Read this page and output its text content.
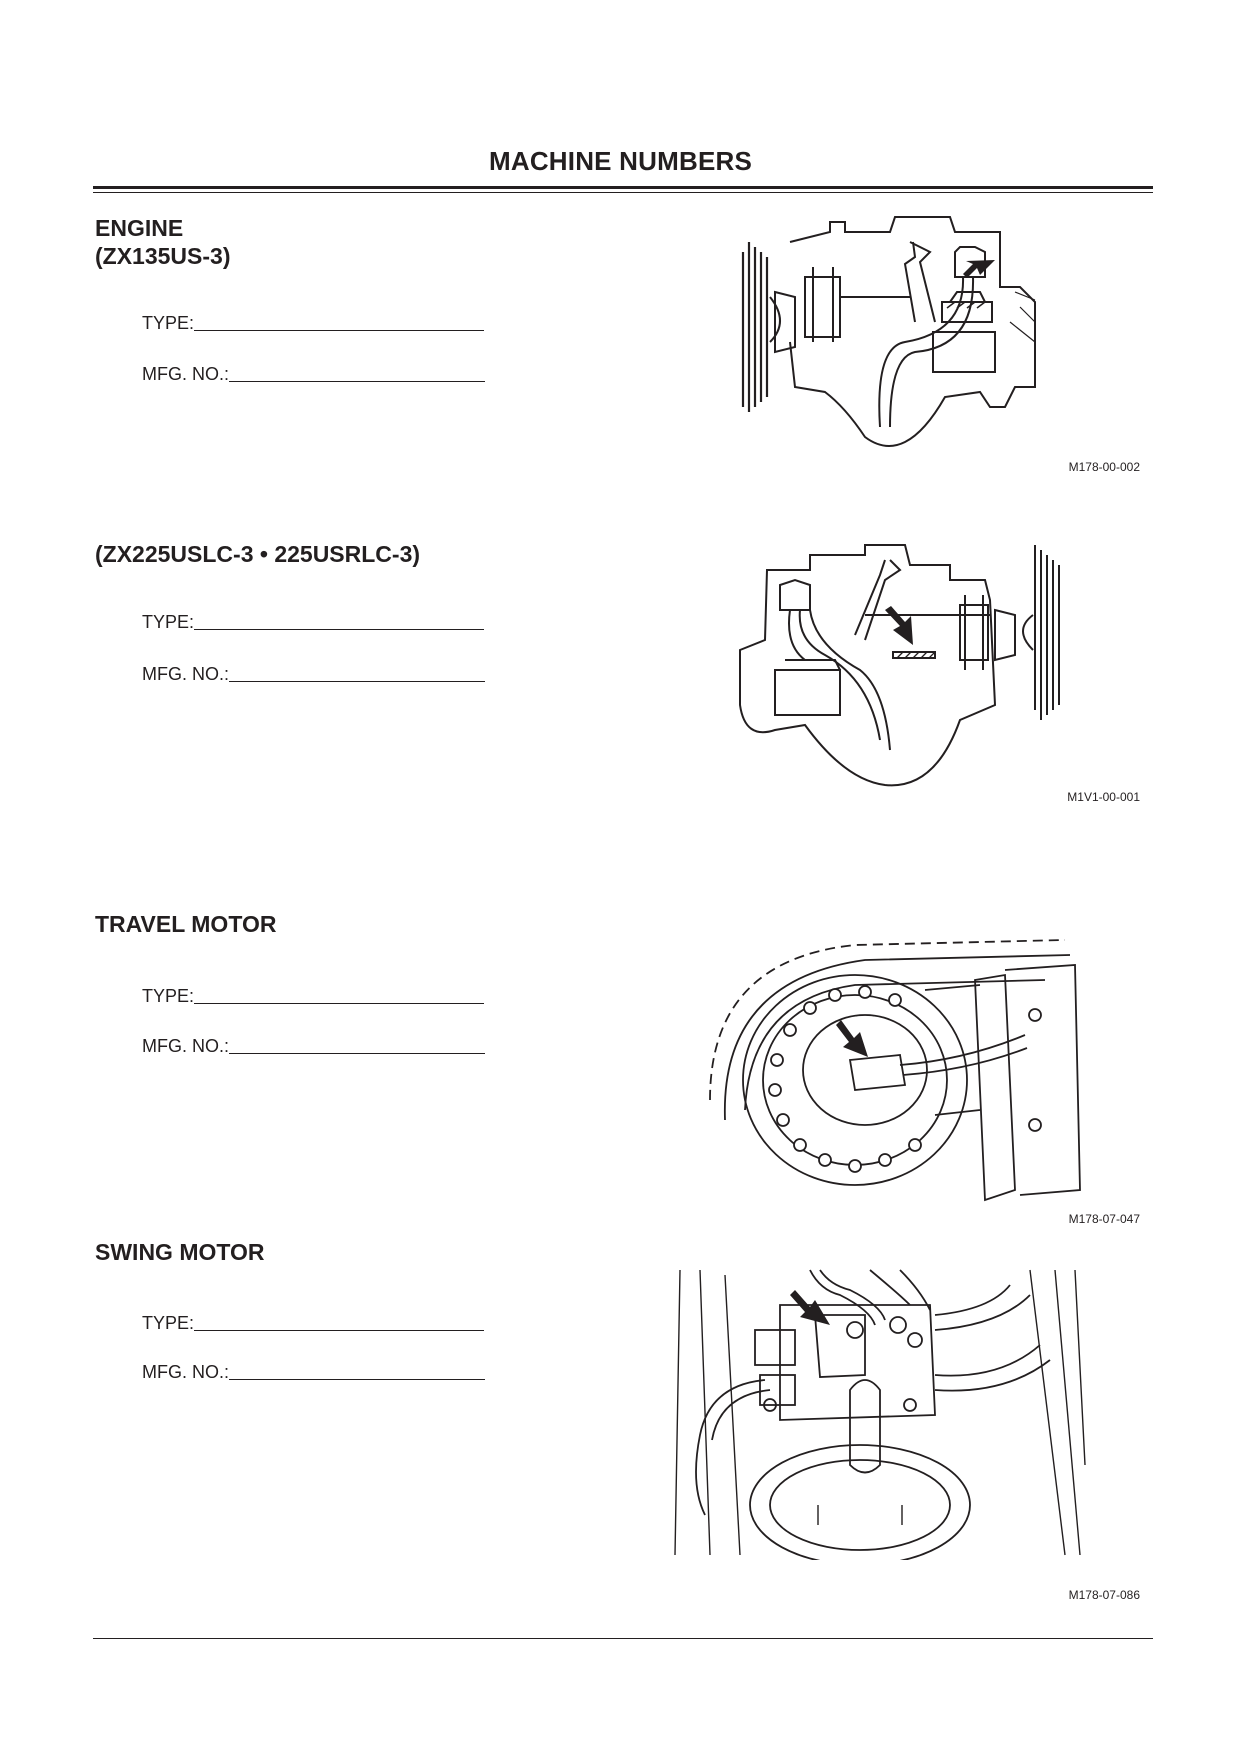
MACHINE NUMBERS
ENGINE
(ZX135US-3)
TYPE:
MFG. NO.:
M178-00-002
(ZX225USLC-3 • 225USRLC-3)
TYPE:
MFG. NO.:
M1V1-00-001
TRAVEL MOTOR
TYPE:
MFG. NO.:
M178-07-047
SWING MOTOR
TYPE:
MFG. NO.:
M178-07-086
